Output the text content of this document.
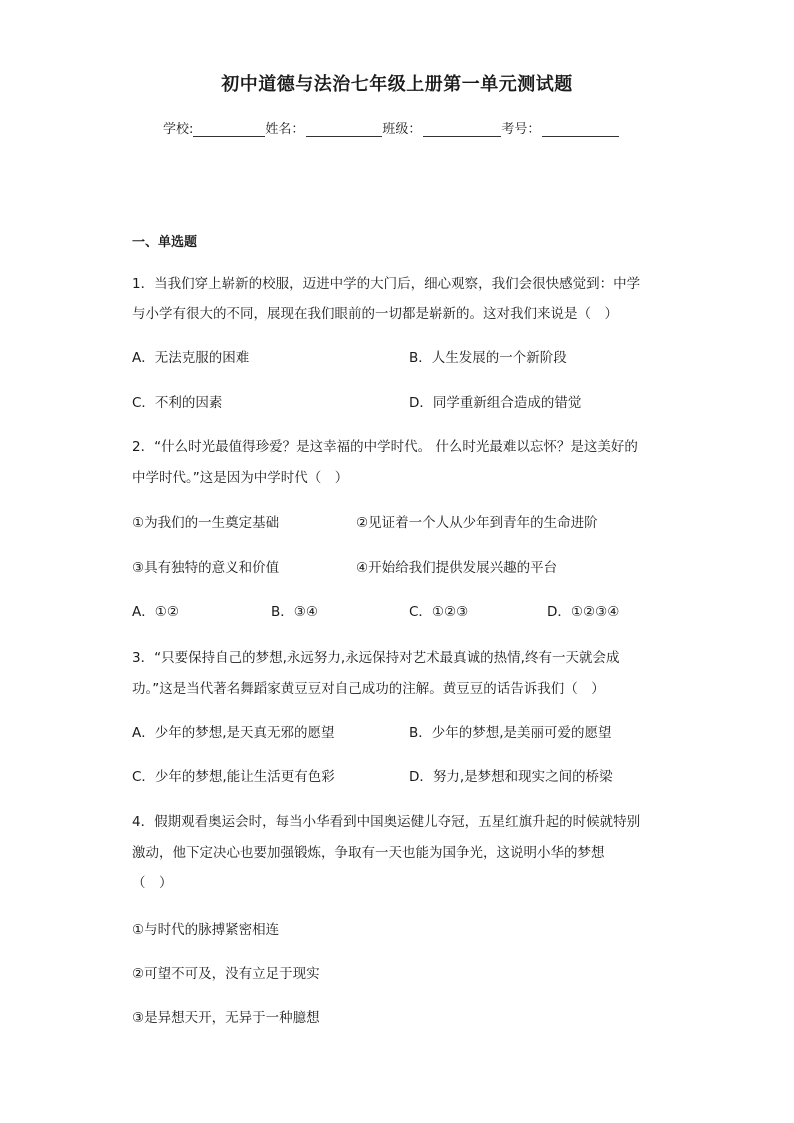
初中道德与法治七年级上册第一单元测试题
学校:	姓名：	班级：	考号：
一、单选题
1．当我们穿上崭新的校服，迈进中学的大门后，细心观察，我们会很快感觉到：中学
与小学有很大的不同，展现在我们眼前的一切都是崭新的。这对我们来说是（　）
A．无法克服的困难	B．人生发展的一个新阶段
C．不利的因素	D．同学重新组合造成的错觉
2．“什么时光最值得珍爱？是这幸福的中学时代。 什么时光最难以忘怀？是这美好的
中学时代。”这是因为中学时代（　）
①为我们的一生奠定基础	②见证着一个人从少年到青年的生命进阶
③具有独特的意义和价值	④开始给我们提供发展兴趣的平台
A．①②	B．③④	C．①②③	D．①②③④
3．“只要保持自己的梦想,永远努力,永远保持对艺术最真诚的热情,终有一天就会成
功。”这是当代著名舞蹈家黄豆豆对自己成功的注解。黄豆豆的话告诉我们（　）
A．少年的梦想,是天真无邪的愿望	B．少年的梦想,是美丽可爱的愿望
C．少年的梦想,能让生活更有色彩	D．努力,是梦想和现实之间的桥梁
4．假期观看奥运会时，每当小华看到中国奥运健儿夺冠，五星红旗升起的时候就特别
激动，他下定决心也要加强锻炼，争取有一天也能为国争光，这说明小华的梦想
（　）
①与时代的脉搏紧密相连
②可望不可及，没有立足于现实
③是异想天开，无异于一种臆想
